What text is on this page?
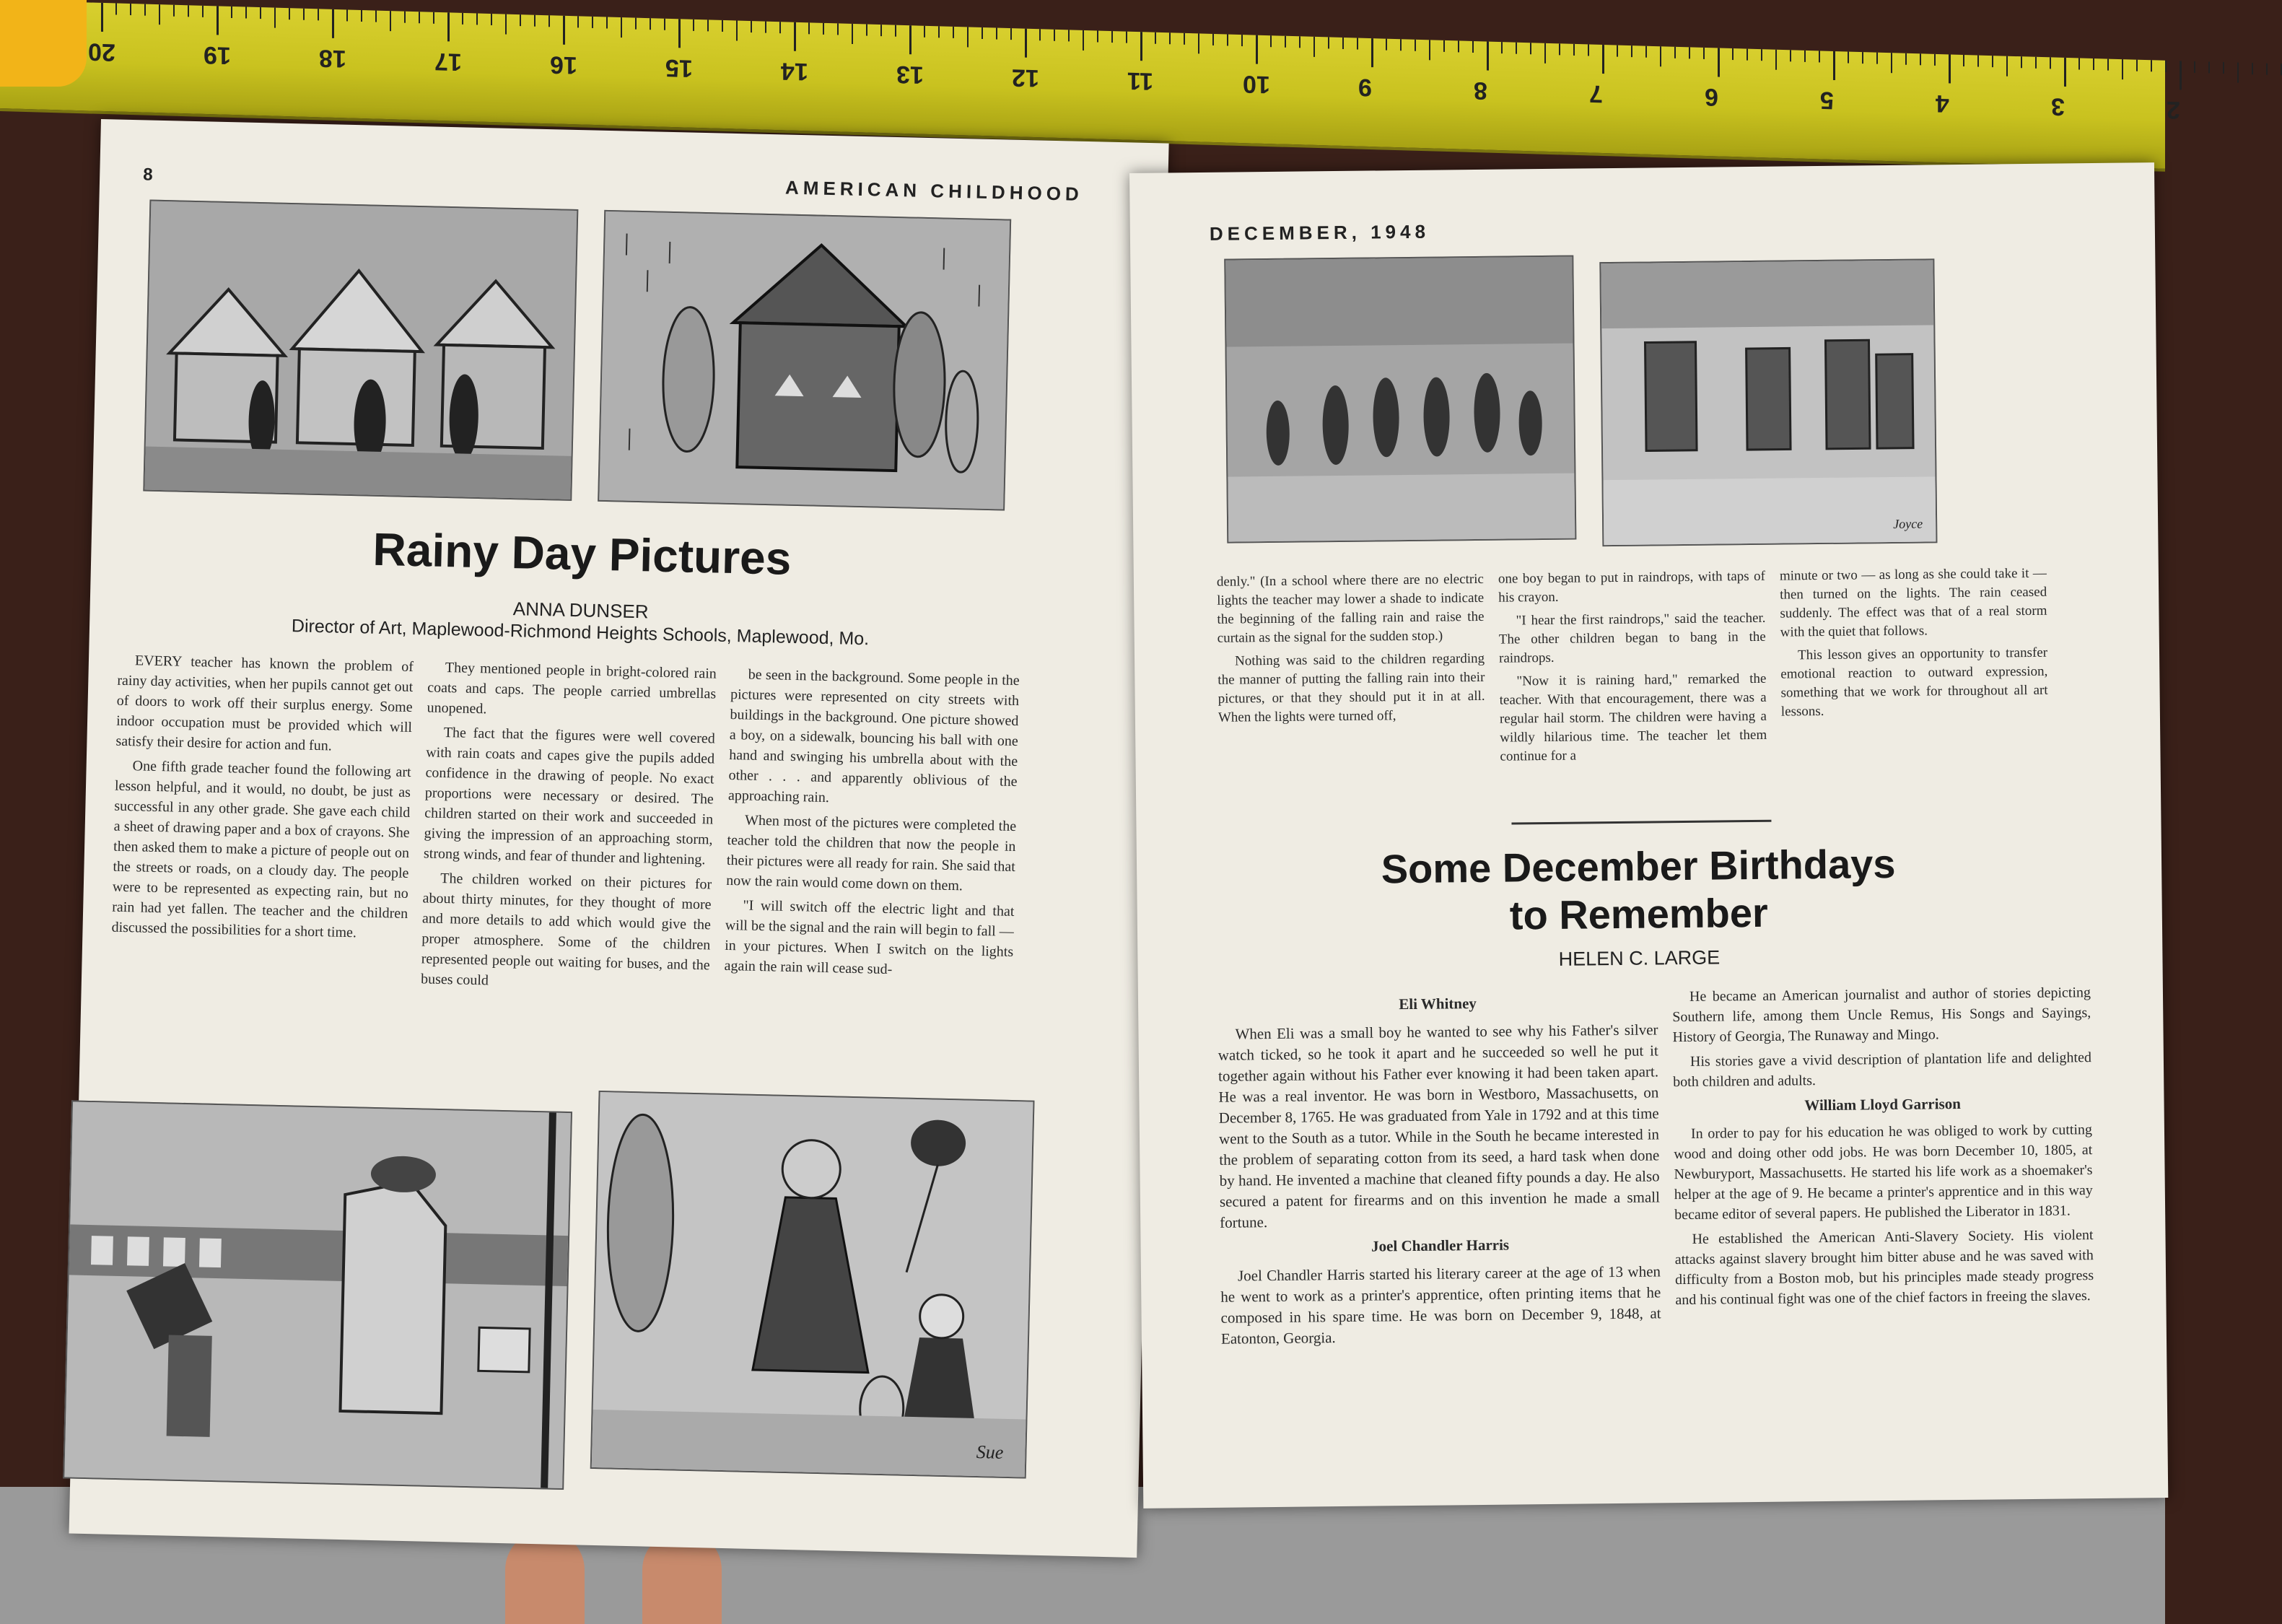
20	19	18	17	16	15	14	13	12	11	10	9	8	7	6	5	4	3	2
8
AMERICAN CHILDHOOD
Rainy Day Pictures
ANNA DUNSER
Director of Art, Maplewood-Richmond Heights Schools, Maplewood, Mo.

EVERY teacher has known the problem of rainy day activities, when her pupils cannot get out of doors to work off their surplus energy. Some indoor occupation must be provided which will satisfy their desire for action and fun.

One fifth grade teacher found the following art lesson helpful, and it would, no doubt, be just as successful in any other grade. She gave each child a sheet of drawing paper and a box of crayons. She then asked them to make a picture of people out on the streets or roads, on a cloudy day. The people were to be represented as expecting rain, but no rain had yet fallen. The teacher and the children discussed the possibilities for a short time.

They mentioned people in bright-colored rain coats and caps. The people carried umbrellas unopened.

The fact that the figures were well covered with rain coats and capes give the pupils added confidence in the drawing of people. No exact proportions were necessary or desired. The children started on their work and succeeded in giving the impression of an approaching storm, strong winds, and fear of thunder and lightening.

The children worked on their pictures for about thirty minutes, for they thought of more and more details to add which would give the proper atmosphere. Some of the children represented people out waiting for buses, and the buses could

be seen in the background. Some people in the pictures were represented on city streets with buildings in the background. One picture showed a boy, on a sidewalk, bouncing his ball with one hand and swinging his umbrella about with the other . . . and apparently oblivious of the approaching rain.

When most of the pictures were completed the teacher told the children that now the people in their pictures were all ready for rain. She said that now the rain would come down on them.

"I will switch off the electric light and that will be the signal and the rain will begin to fall — in your pictures. When I switch on the lights again the rain will cease sud-

Sue
DECEMBER, 1948
Joyce

denly." (In a school where there are no electric lights the teacher may lower a shade to indicate the beginning of the falling rain and raise the curtain as the signal for the sudden stop.)

Nothing was said to the children regarding the manner of putting the falling rain into their pictures, or that they should put it in at all. When the lights were turned off,

one boy began to put in raindrops, with taps of his crayon.

"I hear the first raindrops," said the teacher. The other children began to bang in the raindrops.

"Now it is raining hard," remarked the teacher. With that encouragement, there was a regular hail storm. The children were having a wildly hilarious time. The teacher let them continue for a

minute or two — as long as she could take it — then turned on the lights. The rain ceased suddenly. The effect was that of a real storm with the quiet that follows.

This lesson gives an opportunity to transfer emotional reaction to outward expression, something that we work for throughout all art lessons.

Some December Birthdays
to Remember
HELEN C. LARGE
Eli Whitney

When Eli was a small boy he wanted to see why his Father's silver watch ticked, so he took it apart and he succeeded so well he put it together again without his Father ever knowing it had been taken apart. He was a real inventor. He was born in Westboro, Massachusetts, on December 8, 1765. He was graduated from Yale in 1792 and at this time went to the South as a tutor. While in the South he became interested in the problem of separating cotton from its seed, a hard task when done by hand. He invented a machine that cleaned fifty pounds a day. He also secured a patent for firearms and on this invention he made a small fortune.

Joel Chandler Harris

Joel Chandler Harris started his literary career at the age of 13 when he went to work as a printer's apprentice, often printing items that he composed in his spare time. He was born on December 9, 1848, at Eatonton, Georgia.

He became an American journalist and author of stories depicting Southern life, among them Uncle Remus, His Songs and Sayings, History of Georgia, The Runaway and Mingo.

His stories gave a vivid description of plantation life and delighted both children and adults.

William Lloyd Garrison

In order to pay for his education he was obliged to work by cutting wood and doing other odd jobs. He was born December 10, 1805, at Newburyport, Massachusetts. He started his life work as a shoemaker's helper at the age of 9. He became a printer's apprentice and in this way became editor of several papers. He published the Liberator in 1831.

He established the American Anti-Slavery Society. His violent attacks against slavery brought him bitter abuse and he was saved with difficulty from a Boston mob, but his principles made steady progress and his continual fight was one of the chief factors in freeing the slaves.
